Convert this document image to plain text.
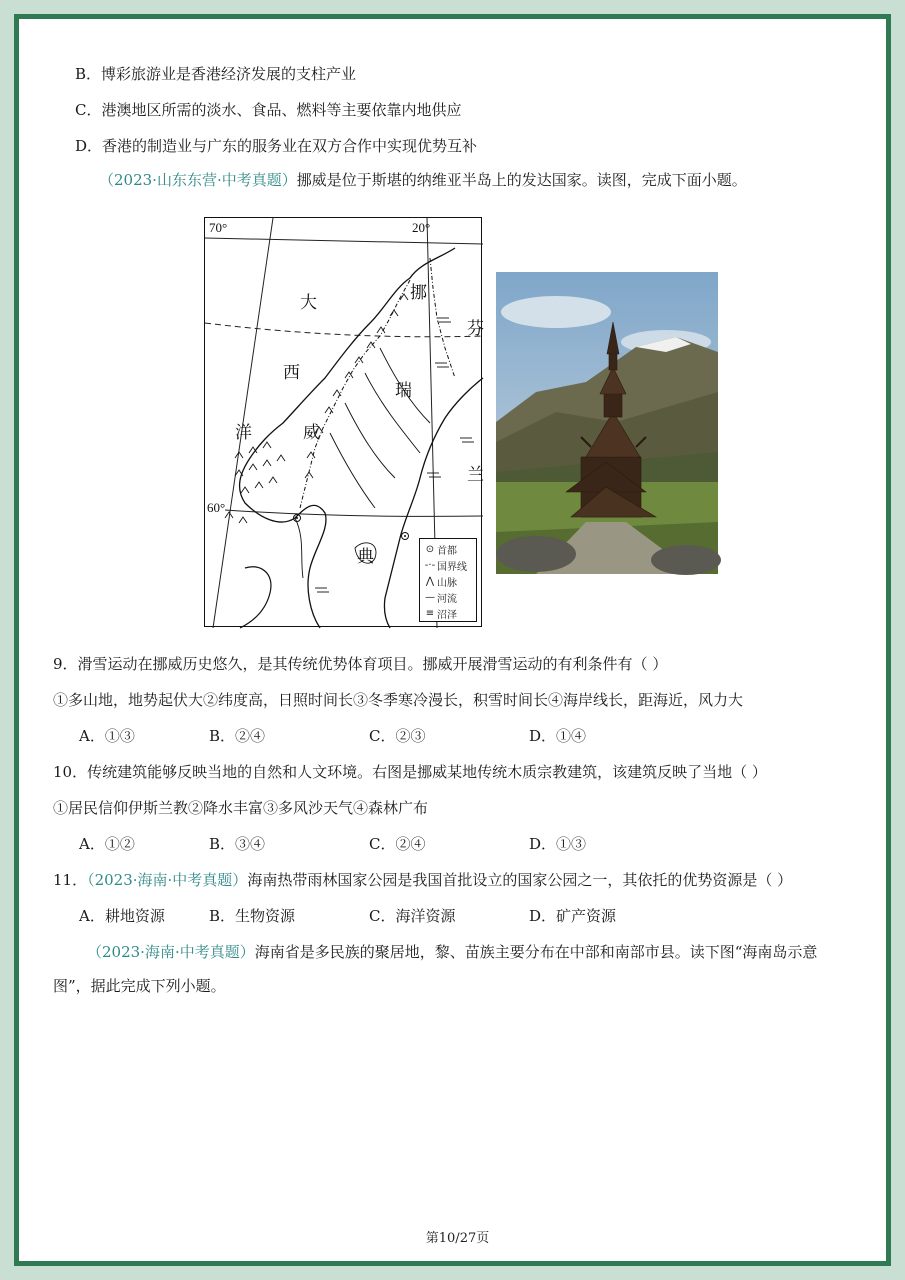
B．博彩旅游业是香港经济发展的支柱产业
C．港澳地区所需的淡水、食品、燃料等主要依靠内地供应
D．香港的制造业与广东的服务业在双方合作中实现优势互补
（2023·山东东营·中考真题）挪威是位于斯堪的纳维亚半岛上的发达国家。读图，完成下面小题。
70°	20°
60°
大
西
洋
挪
威
瑞
典
芬
兰
⊙ 首都
-·- 国界线
⋀ 山脉
— 河流
≡ 沼泽
9．滑雪运动在挪威历史悠久，是其传统优势体育项目。挪威开展滑雪运动的有利条件有（ ）
①多山地，地势起伏大②纬度高，日照时间长③冬季寒冷漫长，积雪时间长④海岸线长，距海近，风力大
A．①③	B．②④	C．②③	D．①④
10．传统建筑能够反映当地的自然和人文环境。右图是挪威某地传统木质宗教建筑，该建筑反映了当地（ ）
①居民信仰伊斯兰教②降水丰富③多风沙天气④森林广布
A．①②	B．③④	C．②④	D．①③
11．（2023·海南·中考真题）海南热带雨林国家公园是我国首批设立的国家公园之一，其依托的优势资源是（ ）
A．耕地资源	B．生物资源	C．海洋资源	D．矿产资源
（2023·海南·中考真题）海南省是多民族的聚居地，黎、苗族主要分布在中部和南部市县。读下图“海南岛示意
图”，据此完成下列小题。
第10/27页
